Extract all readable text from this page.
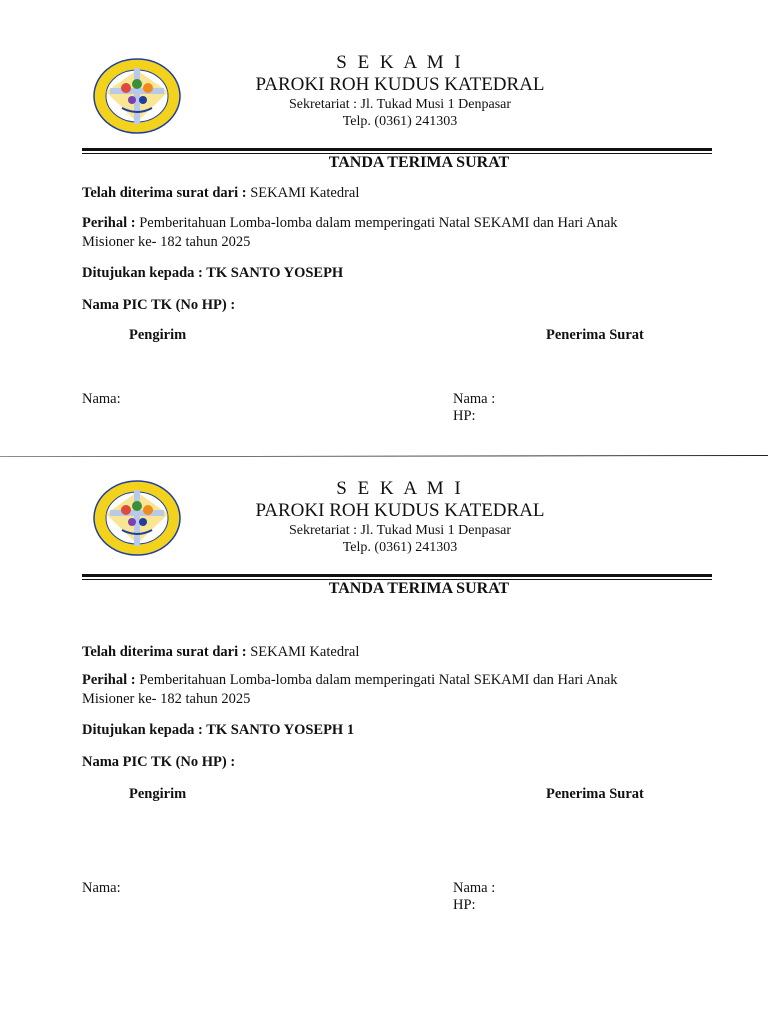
S E K A M I
PAROKI ROH KUDUS KATEDRAL
Sekretariat : Jl. Tukad Musi 1 Denpasar
Telp. (0361) 241303
TANDA TERIMA SURAT
Telah diterima surat dari : SEKAMI Katedral
Perihal : Pemberitahuan Lomba-lomba dalam memperingati Natal SEKAMI dan Hari Anak Misioner ke- 182 tahun 2025
Ditujukan kepada : TK SANTO YOSEPH
Nama PIC TK (No HP) :
Pengirim	Penerima Surat
Nama:	Nama :
HP:
S E K A M I
PAROKI ROH KUDUS KATEDRAL
Sekretariat : Jl. Tukad Musi 1 Denpasar
Telp. (0361) 241303
TANDA TERIMA SURAT
Telah diterima surat dari : SEKAMI Katedral
Perihal : Pemberitahuan Lomba-lomba dalam memperingati Natal SEKAMI dan Hari Anak Misioner ke- 182 tahun 2025
Ditujukan kepada : TK SANTO YOSEPH 1
Nama PIC TK (No HP) :
Pengirim	Penerima Surat
Nama:	Nama :
HP:
